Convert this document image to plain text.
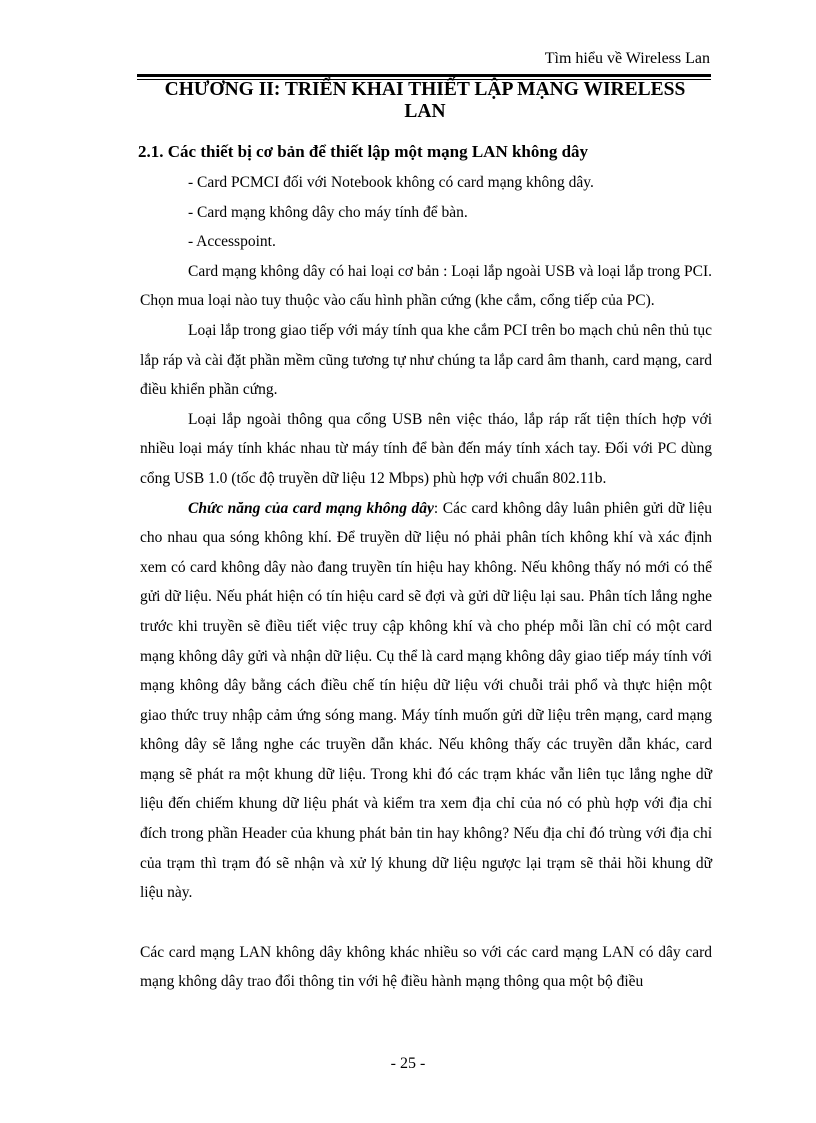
Tìm hiểu về Wireless Lan
CHƯƠNG II: TRIỂN KHAI THIẾT LẬP MẠNG WIRELESS LAN
2.1. Các thiết bị cơ bản để thiết lập một mạng LAN không dây

- Card PCMCI đối với Notebook không có card mạng không dây.

- Card mạng không dây cho máy tính để bàn.

- Accesspoint.

Card mạng không dây có hai loại cơ bản : Loại lắp ngoài USB và loại lắp trong PCI. Chọn mua loại nào tuy thuộc vào cấu hình phần cứng (khe cắm, cổng tiếp của PC).

Loại lắp trong giao tiếp với máy tính qua khe cắm PCI trên bo mạch chủ nên thủ tục lắp ráp và cài đặt phần mềm cũng tương tự như chúng ta lắp card âm thanh, card mạng, card điều khiển phần cứng.

Loại lắp ngoài thông qua cổng USB nên việc tháo, lắp ráp rất tiện thích hợp với nhiều loại máy tính khác nhau từ máy tính để bàn đến máy tính xách tay. Đối với PC dùng cổng USB 1.0 (tốc độ truyền dữ liệu 12 Mbps) phù hợp với chuẩn 802.11b.

Chức năng của card mạng không dây: Các card không dây luân phiên gửi dữ liệu cho nhau qua sóng không khí. Để truyền dữ liệu nó phải phân tích không khí và xác định xem có card không dây nào đang truyền tín hiệu hay không. Nếu không thấy nó mới có thể gửi dữ liệu. Nếu phát hiện có tín hiệu card sẽ đợi và gửi dữ liệu lại sau. Phân tích lắng nghe trước khi truyền sẽ điều tiết việc truy cập không khí và cho phép mỗi lần chỉ có một card mạng không dây gửi và nhận dữ liệu. Cụ thể là card mạng không dây giao tiếp máy tính với mạng không dây bằng cách điều chế tín hiệu dữ liệu với chuỗi trải phổ và thực hiện một giao thức truy nhập cảm ứng sóng mang. Máy tính muốn gửi dữ liệu trên mạng, card mạng không dây sẽ lắng nghe các truyền dẫn khác. Nếu không thấy các truyền dẫn khác, card mạng sẽ phát ra một khung dữ liệu. Trong khi đó các trạm khác vẫn liên tục lắng nghe dữ liệu đến chiếm khung dữ liệu phát và kiểm tra xem địa chỉ của nó có phù hợp với địa chỉ đích trong phần Header của khung phát bản tin hay không? Nếu địa chỉ đó trùng với địa chỉ của trạm thì trạm đó sẽ nhận và xử lý khung dữ liệu ngược lại trạm sẽ thải hồi khung dữ liệu này.

Các card mạng LAN không dây không khác nhiều so với các card mạng LAN có dây card mạng không dây trao đổi thông tin với hệ điều hành mạng thông qua một bộ điều

- 25 -
